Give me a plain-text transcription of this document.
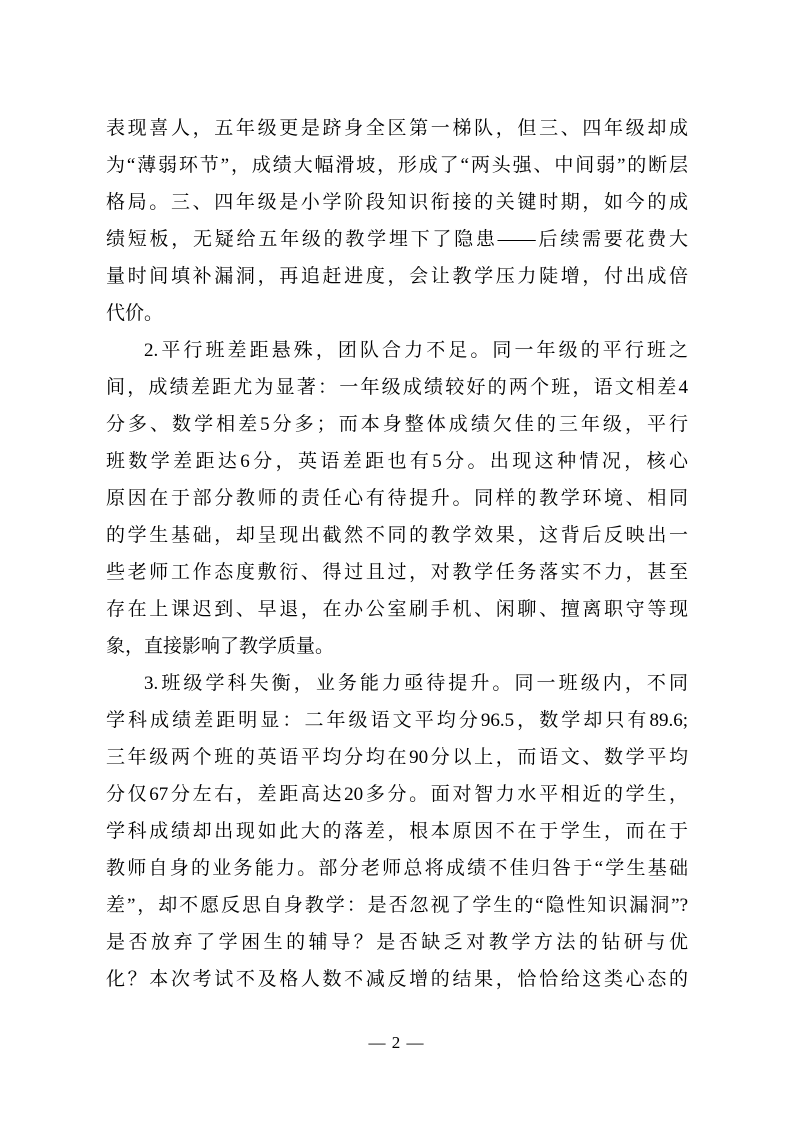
表现喜人，五年级更是跻身全区第一梯队，但三、四年级却成
为“薄弱环节”，成绩大幅滑坡，形成了“两头强、中间弱”的断层
格局。三、四年级是小学阶段知识衔接的关键时期，如今的成
绩短板，无疑给五年级的教学埋下了隐患——后续需要花费大
量时间填补漏洞，再追赶进度，会让教学压力陡增，付出成倍
代价。
2.平行班差距悬殊，团队合力不足。同一年级的平行班之
间，成绩差距尤为显著：一年级成绩较好的两个班，语文相差4
分多、数学相差5分多；而本身整体成绩欠佳的三年级，平行
班数学差距达6分，英语差距也有5分。出现这种情况，核心
原因在于部分教师的责任心有待提升。同样的教学环境、相同
的学生基础，却呈现出截然不同的教学效果，这背后反映出一
些老师工作态度敷衍、得过且过，对教学任务落实不力，甚至
存在上课迟到、早退，在办公室刷手机、闲聊、擅离职守等现
象，直接影响了教学质量。
3.班级学科失衡，业务能力亟待提升。同一班级内，不同
学科成绩差距明显：二年级语文平均分96.5，数学却只有89.6;
三年级两个班的英语平均分均在90分以上，而语文、数学平均
分仅67分左右，差距高达20多分。面对智力水平相近的学生，
学科成绩却出现如此大的落差，根本原因不在于学生，而在于
教师自身的业务能力。部分老师总将成绩不佳归咎于“学生基础
差”，却不愿反思自身教学：是否忽视了学生的“隐性知识漏洞”?
是否放弃了学困生的辅导？是否缺乏对教学方法的钻研与优
化？本次考试不及格人数不减反增的结果，恰恰给这类心态的
— 2 —
